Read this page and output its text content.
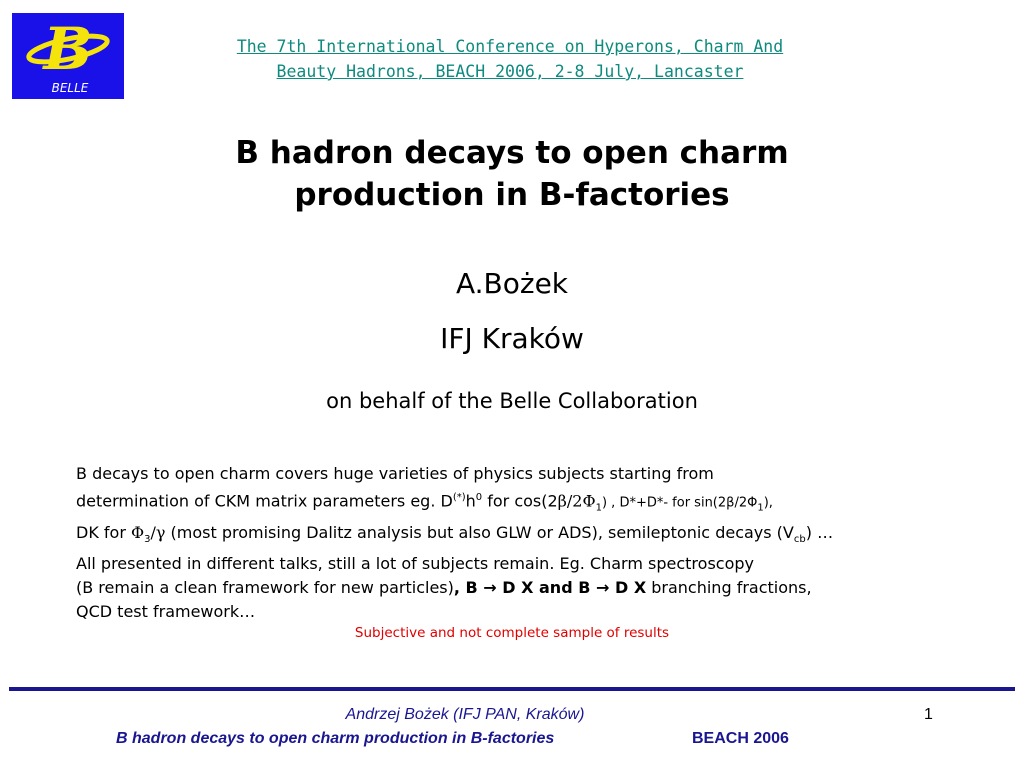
B
BELLE
The 7th International Conference on Hyperons, Charm And
Beauty Hadrons, BEACH 2006, 2-8 July, Lancaster
B hadron decays to open charm
production in B-factories
A.Bożek
IFJ Kraków
on behalf of the Belle Collaboration
B decays to open charm covers huge varieties of physics subjects starting from
determination of CKM matrix parameters eg. $D^{(*)}h^0$ for $\cos(2\beta/2\Phi_1)$ , D*+D*- for $\sin(2\beta/2\Phi_1)$,
DK for $\Phi_3/\gamma$ (most promising Dalitz analysis but also GLW or ADS), semileptonic decays $(V_{cb})$ …
All presented in different talks, still a lot of subjects remain. Eg. Charm spectroscopy
(B remain a clean framework for new particles), B → D X and B → D X branching fractions,
QCD test framework…
Subjective and not complete sample of results
Andrzej Bożek (IFJ PAN, Kraków)	1
B hadron decays to open charm production in B-factories	BEACH 2006
